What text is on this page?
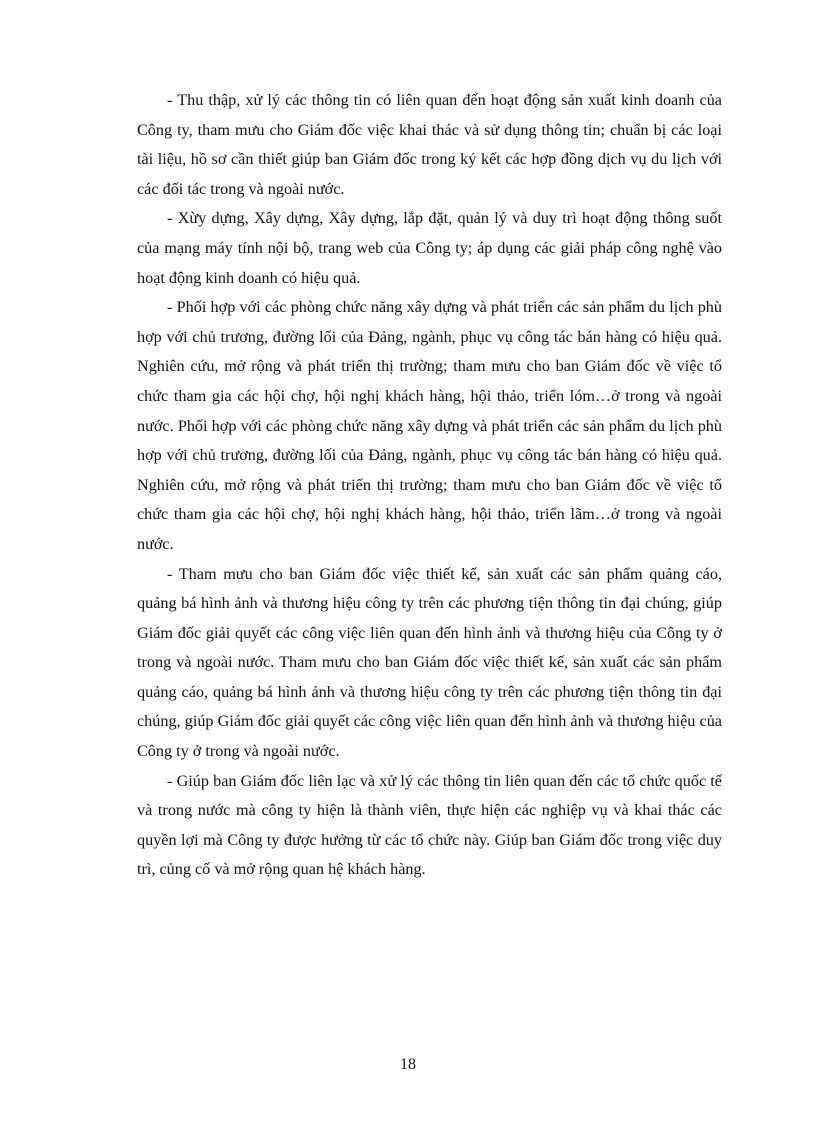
- Thu thập, xử lý các thông tin có liên quan đến hoạt động sản xuất kinh doanh của Công ty, tham mưu cho Giám đốc việc khai thác và sử dụng thông tin; chuẩn bị các loại tài liệu, hồ sơ cần thiết giúp ban Giám đốc trong ký kết các hợp đồng dịch vụ du lịch với các đối tác trong và ngoài nước.

- Xừy dựng, Xây dựng, Xây dựng, lắp đặt, quản lý và duy trì hoạt động thông suốt của mạng máy tính nội bộ, trang web của Công ty; áp dụng các giải pháp công nghệ vào hoạt động kinh doanh có hiệu quả.

- Phối hợp với các phòng chức năng xây dựng và phát triển các sản phẩm du lịch phù hợp với chủ trương, đường lối của Đảng, ngành, phục vụ công tác bán hàng có hiệu quả. Nghiên cứu, mở rộng và phát triển thị trường; tham mưu cho ban Giám đốc về việc tổ chức tham gia các hội chợ, hội nghị khách hàng, hội thảo, triển lóm…ở trong và ngoài nước. Phối hợp với các phòng chức năng xây dựng và phát triển các sản phẩm du lịch phù hợp với chủ trương, đường lối của Đảng, ngành, phục vụ công tác bán hàng có hiệu quả. Nghiên cứu, mở rộng và phát triển thị trường; tham mưu cho ban Giám đốc về việc tổ chức tham gia các hội chợ, hội nghị khách hàng, hội thảo, triển lãm…ở trong và ngoài nước.

- Tham mưu cho ban Giám đốc việc thiết kế, sản xuất các sản phẩm quảng cáo, quảng bá hình ảnh và thương hiệu công ty trên các phương tiện thông tin đại chúng, giúp Giám đốc giải quyết các công việc liên quan đến hình ảnh và thương hiệu của Công ty ở trong và ngoài nước. Tham mưu cho ban Giám đốc việc thiết kế, sản xuất các sản phẩm quảng cáo, quảng bá hình ảnh và thương hiệu công ty trên các phương tiện thông tin đại chúng, giúp Giám đốc giải quyết các công việc liên quan đến hình ảnh và thương hiệu của Công ty ở trong và ngoài nước.

- Giúp ban Giám đốc liên lạc và xử lý các thông tin liên quan đến các tổ chức quốc tế và trong nước mà công ty hiện là thành viên, thực hiện các nghiệp vụ và khai thác các quyền lợi mà Công ty được hưởng từ các tổ chức này. Giúp ban Giám đốc trong việc duy trì, củng cố và mở rộng quan hệ khách hàng.

18
